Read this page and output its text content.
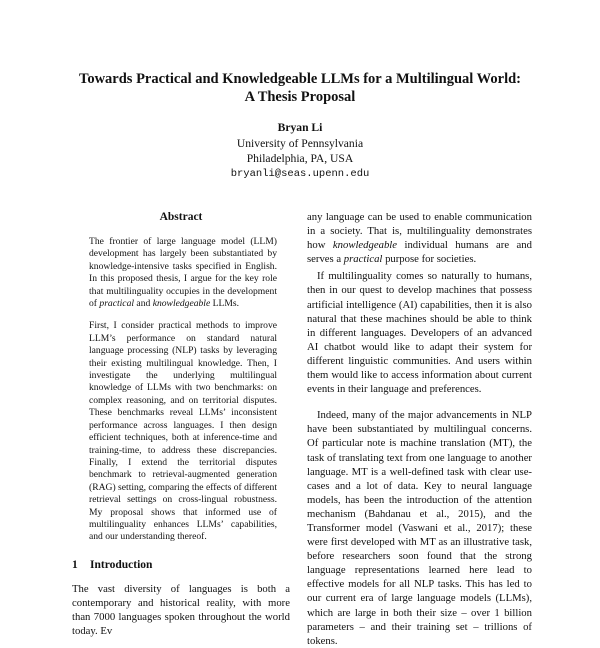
Towards Practical and Knowledgeable LLMs for a Multilingual World:
A Thesis Proposal
Bryan Li
University of Pennsylvania
Philadelphia, PA, USA
bryanli@seas.upenn.edu
Abstract

The frontier of large language model (LLM) development has largely been substantiated by knowledge-intensive tasks specified in English. In this proposed thesis, I argue for the key role that multilinguality occupies in the development of practical and knowledgeable LLMs.

First, I consider practical methods to improve LLM’s performance on standard natural language processing (NLP) tasks by leveraging their existing multilingual knowledge. Then, I investigate the underlying multilingual knowledge of LLMs with two benchmarks: on complex reasoning, and on territorial disputes. These benchmarks reveal LLMs’ inconsistent performance across languages. I then design efficient techniques, both at inference-time and training-time, to address these discrepancies. Finally, I extend the territorial disputes benchmark to retrieval-augmented generation (RAG) setting, comparing the effects of different retrieval settings on cross-lingual robustness. My proposal shows that informed use of multilinguality enhances LLMs’ capabilities, and our understanding thereof.

1 Introduction

The vast diversity of languages is both a contemporary and historical reality, with more than 7000 languages spoken throughout the world today. Ev

any language can be used to enable communication in a society. That is, multilinguality demonstrates how knowledgeable individual humans are and serves a practical purpose for societies.

If multilinguality comes so naturally to humans, then in our quest to develop machines that possess artificial intelligence (AI) capabilities, then it is also natural that these machines should be able to think in different languages. Developers of an advanced AI chatbot would like to adapt their system for different linguistic communities. And users within them would like to access information about current events in their language and preferences.

Indeed, many of the major advancements in NLP have been substantiated by multilingual concerns. Of particular note is machine translation (MT), the task of translating text from one language to another language. MT is a well-defined task with clear use-cases and a lot of data. Key to neural language models, has been the introduction of the attention mechanism (Bahdanau et al., 2015), and the Transformer model (Vaswani et al., 2017); these were first developed with MT as an illustrative task, before researchers soon found that the strong language representations learned here lead to effective models for all NLP tasks. This has led to our current era of large language models (LLMs), which are large in both their size – over 1 billion parameters – and their training set – trillions of tokens.
